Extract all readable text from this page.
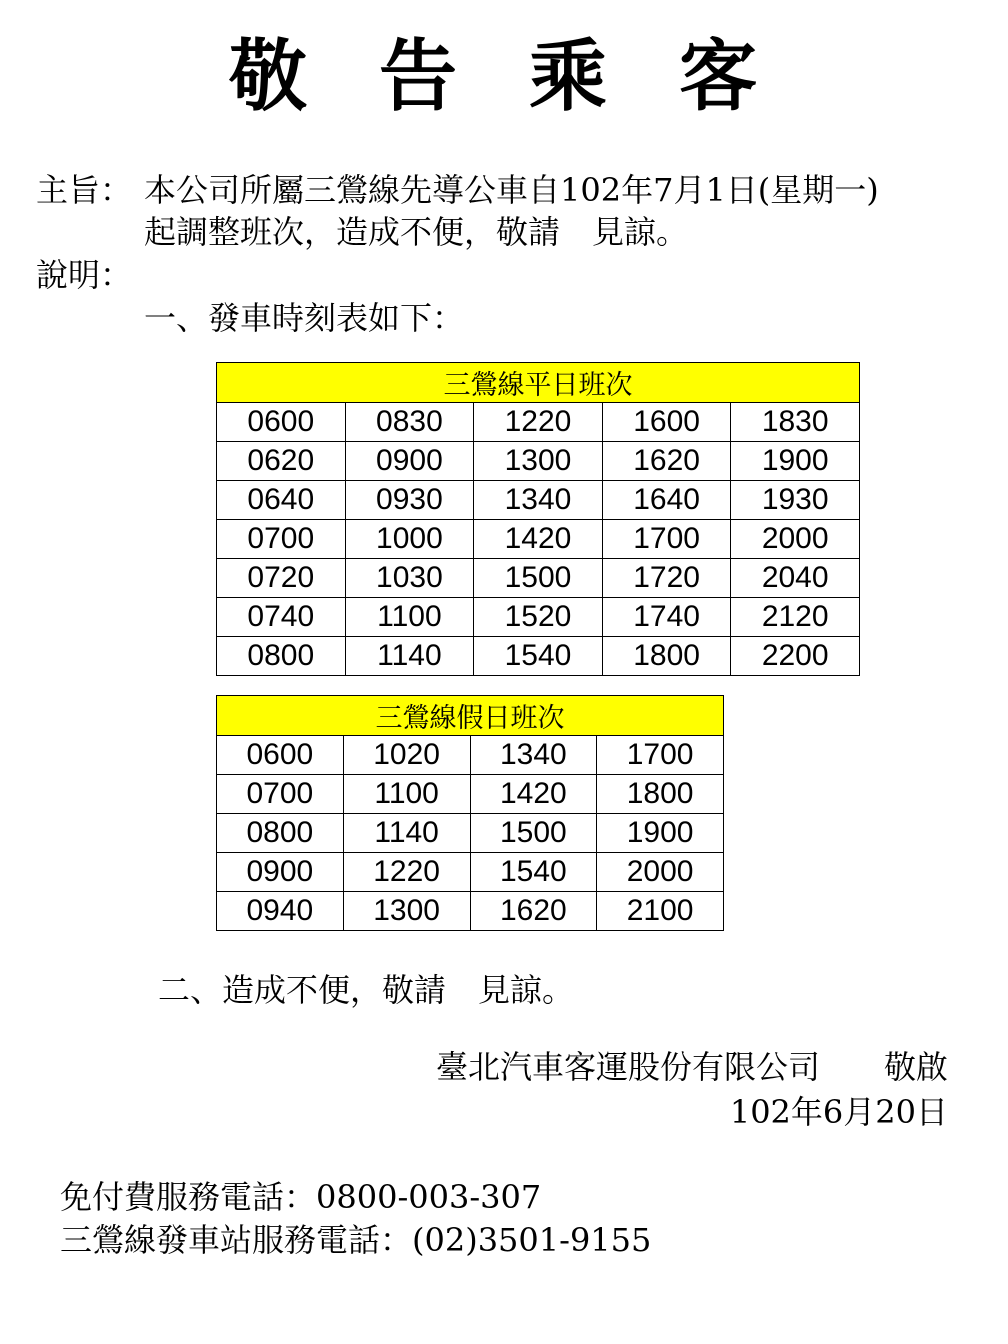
敬告乘客
主旨： 本公司所屬三鶯線先導公車自102年7月1日(星期一)
起調整班次，造成不便，敬請　見諒。
說明：
一、發車時刻表如下：
三鶯線平日班次				
0600	0830	1220	1600	1830
0620	0900	1300	1620	1900
0640	0930	1340	1640	1930
0700	1000	1420	1700	2000
0720	1030	1500	1720	2040
0740	1100	1520	1740	2120
0800	1140	1540	1800	2200
三鶯線假日班次			
0600	1020	1340	1700
0700	1100	1420	1800
0800	1140	1500	1900
0900	1220	1540	2000
0940	1300	1620	2100
二、造成不便，敬請　見諒。
臺北汽車客運股份有限公司　　敬啟
102年6月20日
免付費服務電話：0800-003-307
三鶯線發車站服務電話：(02)3501-9155
